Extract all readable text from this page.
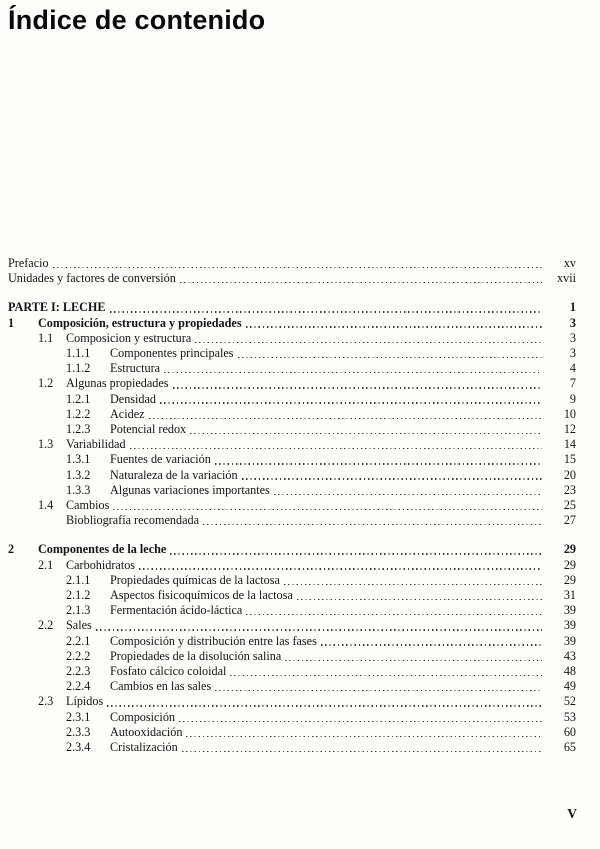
Índice de contenido
Prefacio	xv
Unidades y factores de conversión	xvii
PARTE I: LECHE	1
1	Composición, estructura y propiedades	3
1.1	Composicion y estructura	3
1.1.1	Componentes principales	3
1.1.2	Estructura	4
1.2	Algunas propiedades	7
1.2.1	Densidad	9
1.2.2	Acidez	10
1.2.3	Potencial redox	12
1.3	Variabilidad	14
1.3.1	Fuentes de variación	15
1.3.2	Naturaleza de la variación	20
1.3.3	Algunas variaciones importantes	23
1.4	Cambios	25
Biobliografía recomendada	27
2	Componentes de la leche	29
2.1	Carbohidratos	29
2.1.1	Propiedades químicas de la lactosa	29
2.1.2	Aspectos fisicoquímicos de la lactosa	31
2.1.3	Fermentación ácido-láctica	39
2.2	Sales	39
2.2.1	Composición y distribución entre las fases	39
2.2.2	Propiedades de la disolución salina	43
2.2.3	Fosfato cálcico coloidal	48
2.2.4	Cambios en las sales	49
2.3	Lípidos	52
2.3.1	Composición	53
2.3.3	Autooxidación	60
2.3.4	Cristalización	65
V
